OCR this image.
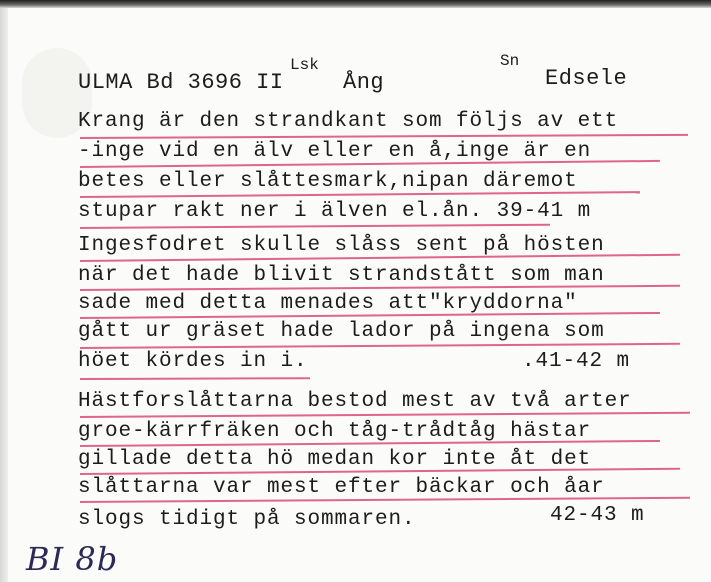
ULMA Bd 3696 II
Lsk
Ång
Sn
Edsele
Krang är den strandkant som följs av ett
-inge vid en älv eller en å,inge är en
betes eller slåttesmark,nipan däremot
stupar rakt ner i älven el.ån. 39-41 m
Ingesfodret skulle slåss sent på hösten
när det hade blivit strandstått som man
sade med detta menades att"kryddorna"
gått ur gräset hade lador på ingena som
höet kördes in i.	.41-42 m
Hästforslåttarna bestod mest av två arter
groe-kärrfräken och tåg-trådtåg hästar
gillade detta hö medan kor inte åt det
slåttarna var mest efter bäckar och åar
slogs tidigt på sommaren.	42-43 m
BI 8b
